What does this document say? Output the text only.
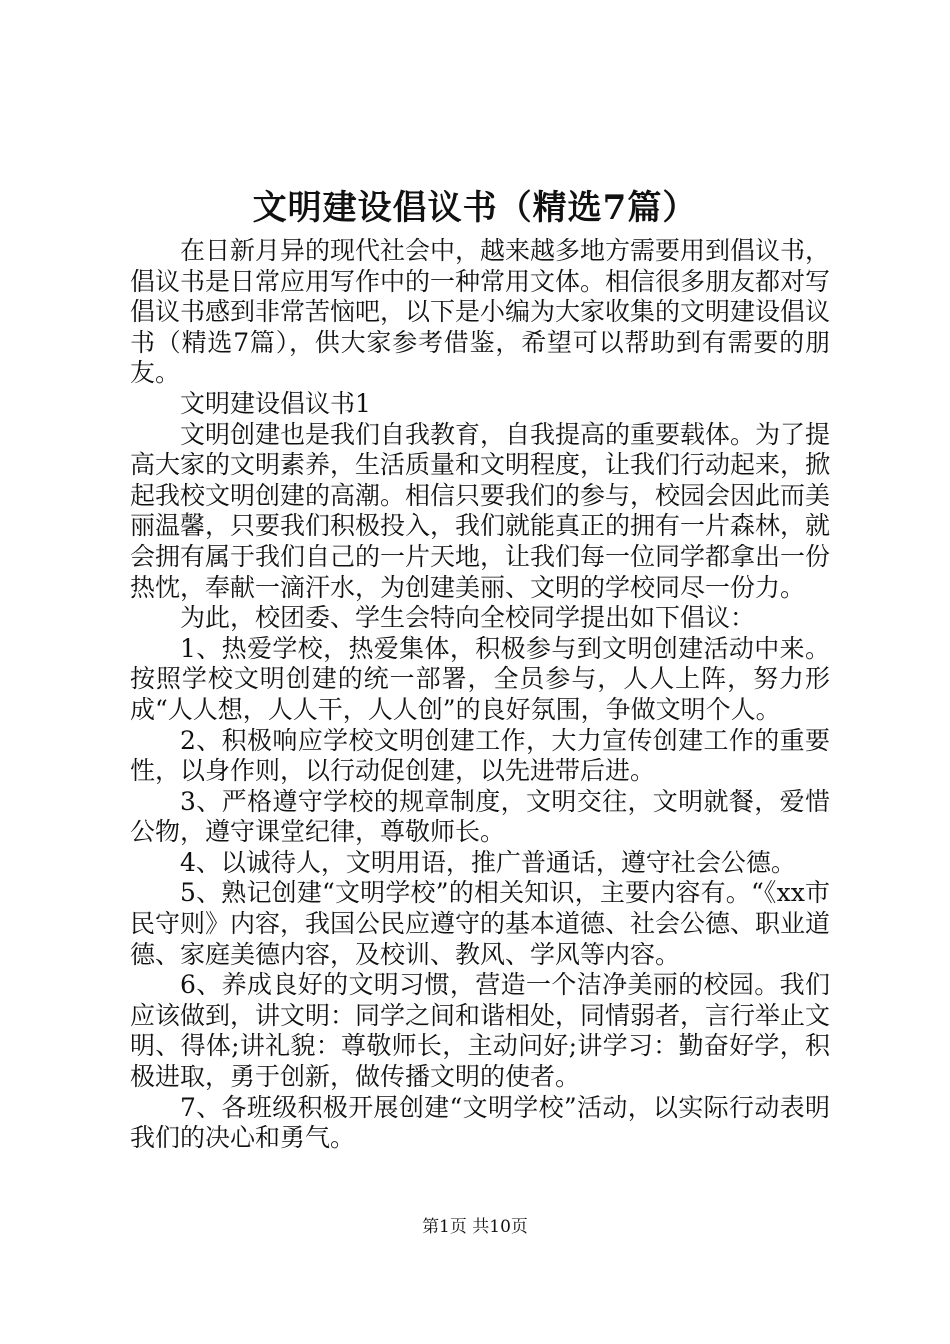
文明建设倡议书（精选7篇）

在日新月异的现代社会中，越来越多地方需要用到倡议书，倡议书是日常应用写作中的一种常用文体。相信很多朋友都对写倡议书感到非常苦恼吧，以下是小编为大家收集的文明建设倡议书（精选7篇），供大家参考借鉴，希望可以帮助到有需要的朋友。

文明建设倡议书1

文明创建也是我们自我教育，自我提高的重要载体。为了提高大家的文明素养，生活质量和文明程度，让我们行动起来，掀起我校文明创建的高潮。相信只要我们的参与，校园会因此而美丽温馨，只要我们积极投入，我们就能真正的拥有一片森林，就会拥有属于我们自己的一片天地，让我们每一位同学都拿出一份热忱，奉献一滴汗水，为创建美丽、文明的学校同尽一份力。

为此，校团委、学生会特向全校同学提出如下倡议：

1、热爱学校，热爱集体，积极参与到文明创建活动中来。按照学校文明创建的统一部署，全员参与，人人上阵，努力形成“人人想，人人干，人人创”的良好氛围，争做文明个人。

2、积极响应学校文明创建工作，大力宣传创建工作的重要性，以身作则，以行动促创建，以先进带后进。

3、严格遵守学校的规章制度，文明交往，文明就餐，爱惜公物，遵守课堂纪律，尊敬师长。

4、以诚待人，文明用语，推广普通话，遵守社会公德。

5、熟记创建“文明学校”的相关知识，主要内容有。“《xx市民守则》内容，我国公民应遵守的基本道德、社会公德、职业道德、家庭美德内容，及校训、教风、学风等内容。

6、养成良好的文明习惯，营造一个洁净美丽的校园。我们应该做到，讲文明：同学之间和谐相处，同情弱者，言行举止文明、得体;讲礼貌：尊敬师长，主动问好;讲学习：勤奋好学，积极进取，勇于创新，做传播文明的使者。

7、各班级积极开展创建“文明学校”活动，以实际行动表明我们的决心和勇气。

第1页 共10页
